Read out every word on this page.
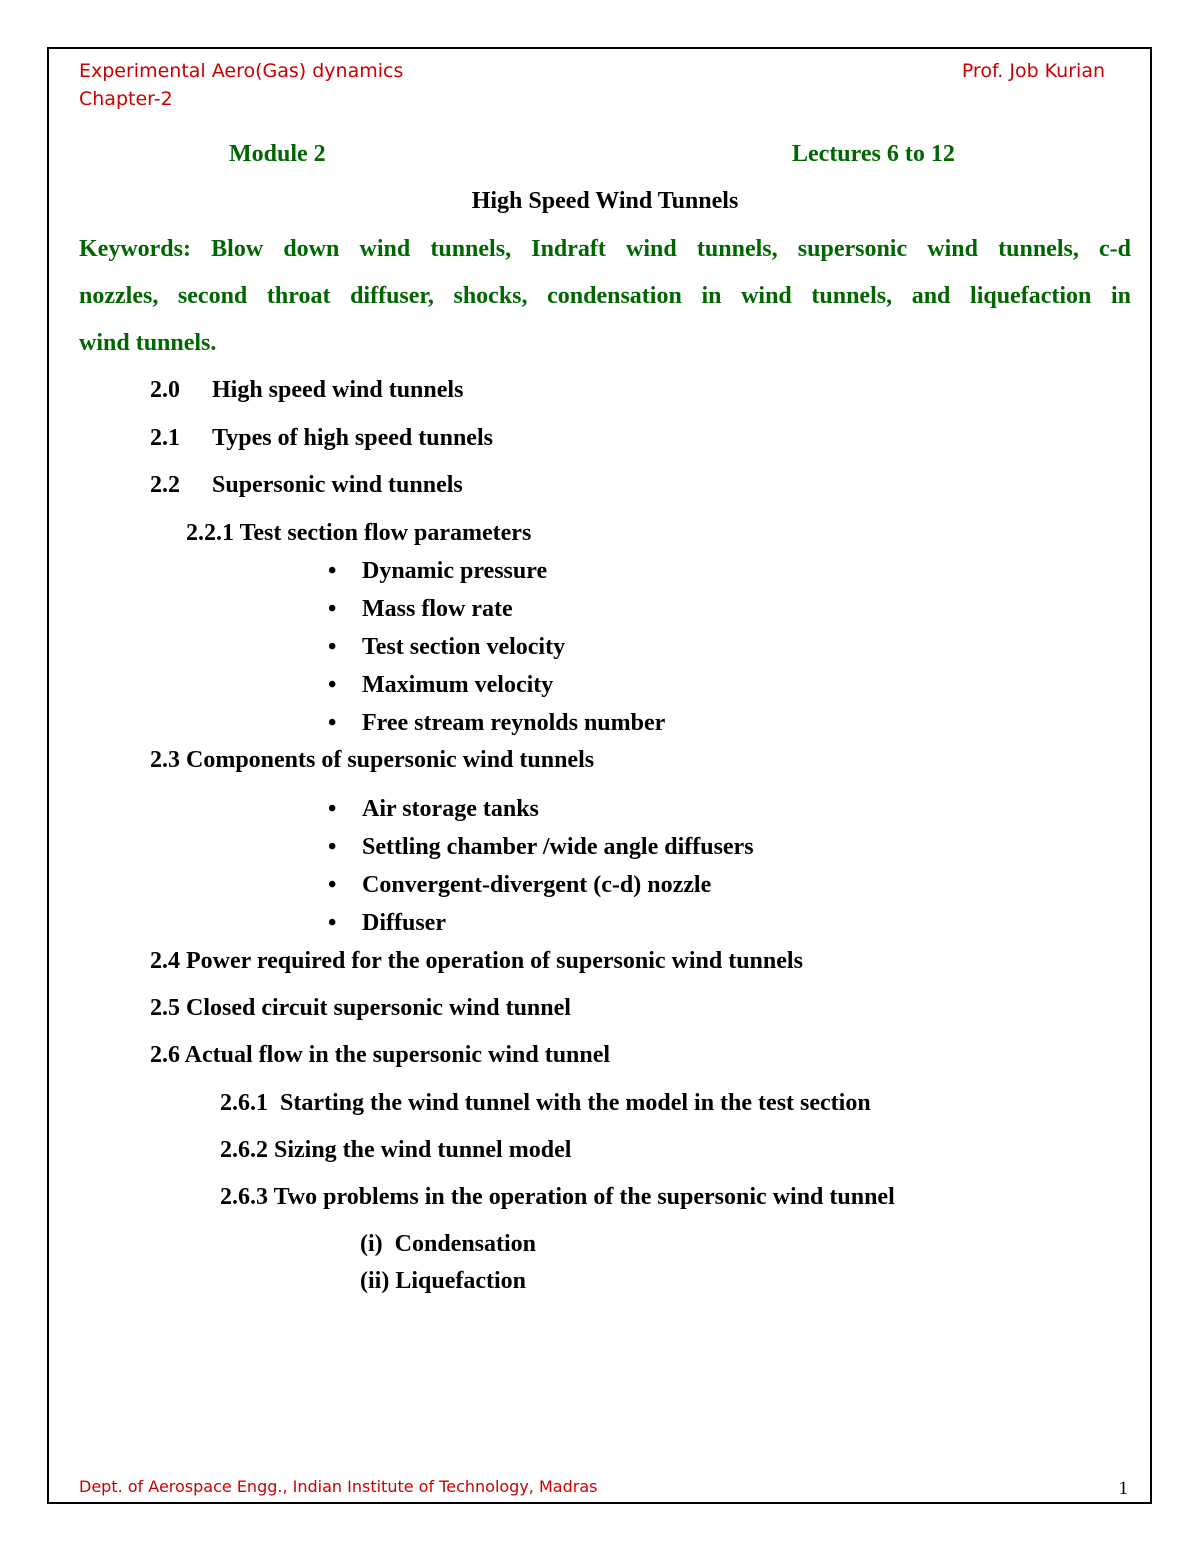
Experimental Aero(Gas) dynamics
Chapter-2
Prof. Job Kurian
Module 2	Lectures 6 to 12
High Speed Wind Tunnels
Keywords: Blow down wind tunnels, Indraft wind tunnels, supersonic wind tunnels, c-d
nozzles, second throat diffuser, shocks, condensation in wind tunnels, and liquefaction in
wind tunnels.
2.0 High speed wind tunnels
2.1 Types of high speed tunnels
2.2 Supersonic wind tunnels
2.2.1 Test section flow parameters
• Dynamic pressure
• Mass flow rate
• Test section velocity
• Maximum velocity
• Free stream reynolds number
2.3 Components of supersonic wind tunnels
• Air storage tanks
• Settling chamber /wide angle diffusers
• Convergent-divergent (c-d) nozzle
• Diffuser
2.4 Power required for the operation of supersonic wind tunnels
2.5 Closed circuit supersonic wind tunnel
2.6 Actual flow in the supersonic wind tunnel
2.6.1  Starting the wind tunnel with the model in the test section
2.6.2 Sizing the wind tunnel model
2.6.3 Two problems in the operation of the supersonic wind tunnel
(i)  Condensation
(ii) Liquefaction
Dept. of Aerospace Engg., Indian Institute of Technology, Madras	1
